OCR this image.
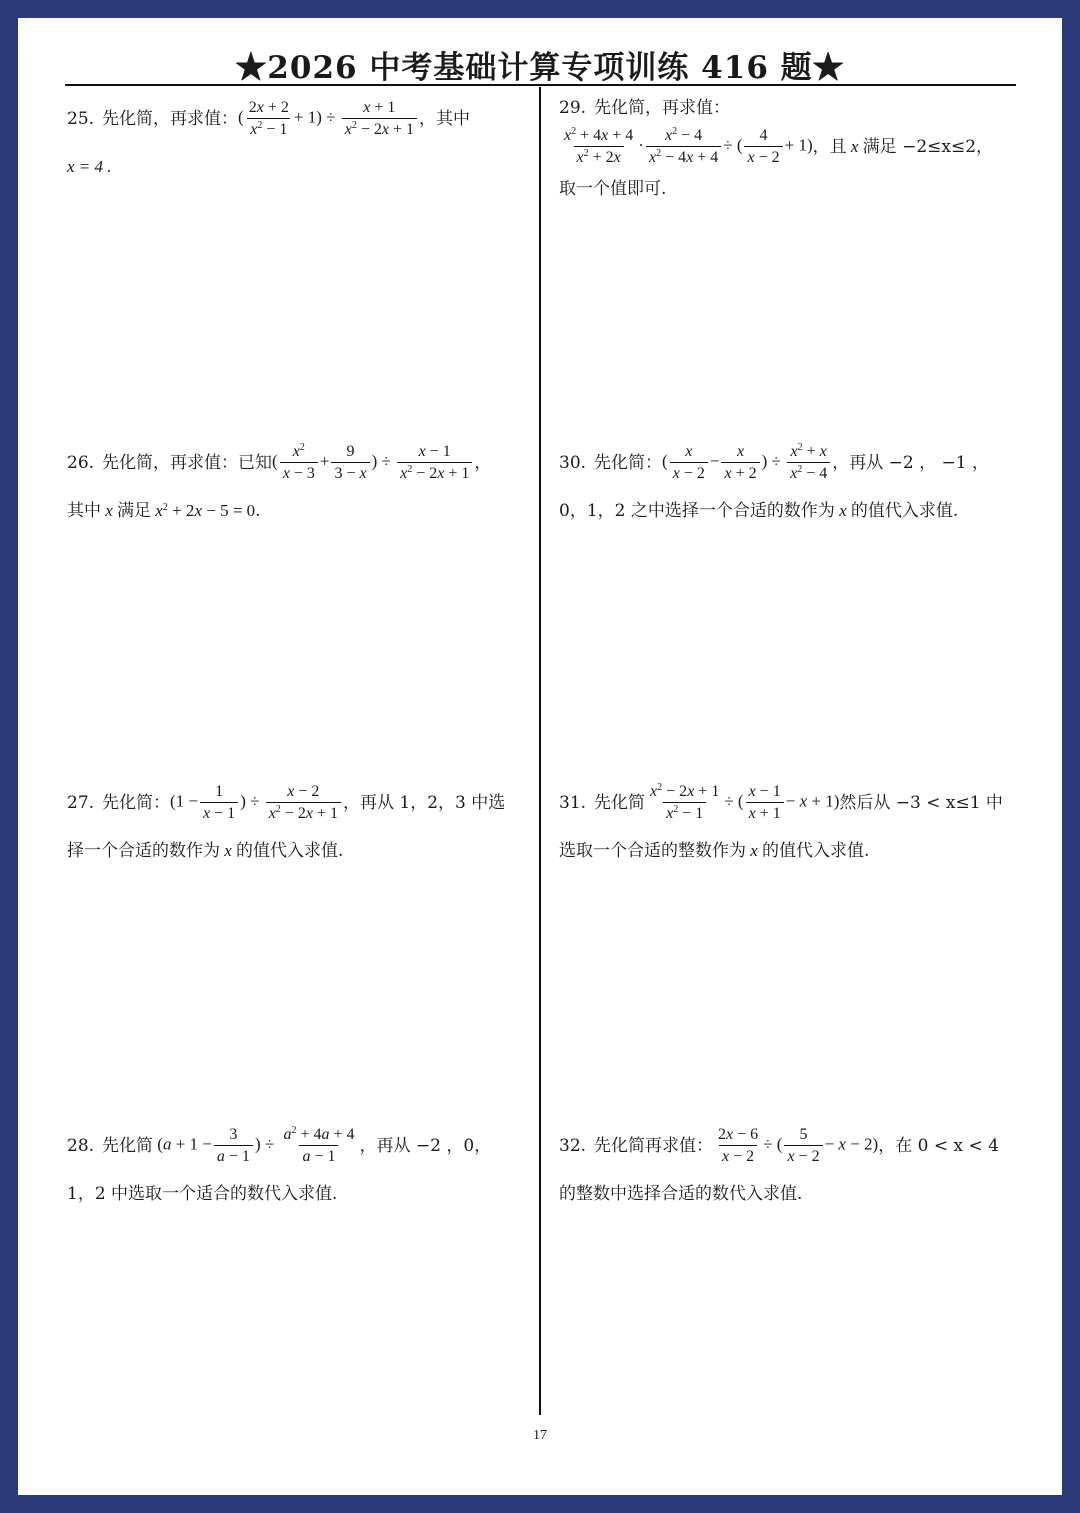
★2026 中考基础计算专项训练 416 题★
25. 先化简，再求值： ( $\frac{2x + 2}{x^2 - 1} + 1) \div \frac{x + 1}{x^2 - 2x + 1}$ ，其中
x = 4 .
26. 先化简，再求值：已知 ( $\frac{x^2}{x - 3} + \frac{9}{3 - x}$ ) ÷ $\frac{x - 1}{x^2 - 2x + 1}$ ，
其中 x 满足 $x^2 + 2x - 5 = 0$ .
27. 先化简： ($1 - \frac{1}{x - 1}$ ) ÷ $\frac{x - 2}{x^2 - 2x + 1}$ ，再从 1，2，3 中选
择一个合适的数作为 x 的值代入求值.
28. 先化简 ($a + 1 - \frac{3}{a - 1}$ ) ÷ $\frac{a^2 + 4a + 4}{a - 1}$ ，再从 −2 ，0，
1，2 中选取一个适合的数代入求值.
29. 先化简，再求值：
$\frac{x^2 + 4x + 4}{x^2 + 2x} \cdot \frac{x^2 - 4}{x^2 - 4x + 4}$ ÷ ( $\frac{4}{x - 2} + 1$) ，且 x 满足 −2≤x≤2，
取一个值即可.
30. 先化简： ( $\frac{x}{x - 2} - \frac{x}{x + 2}$ ) ÷ $\frac{x^2 + x}{x^2 - 4}$ ，再从 −2 ， −1 ，
0，1，2 之中选择一个合适的数作为 x 的值代入求值.
31. 先化简 $\frac{x^2 - 2x + 1}{x^2 - 1}$ ÷ ( $\frac{x - 1}{x + 1} - x + 1$) 然后从 −3 < x≤1 中
选取一个合适的整数作为 x 的值代入求值.
32. 先化简再求值： $\frac{2x - 6}{x - 2}$ ÷ ( $\frac{5}{x - 2} - x - 2$) ，在 0 < x < 4
的整数中选择合适的数代入求值.
17
